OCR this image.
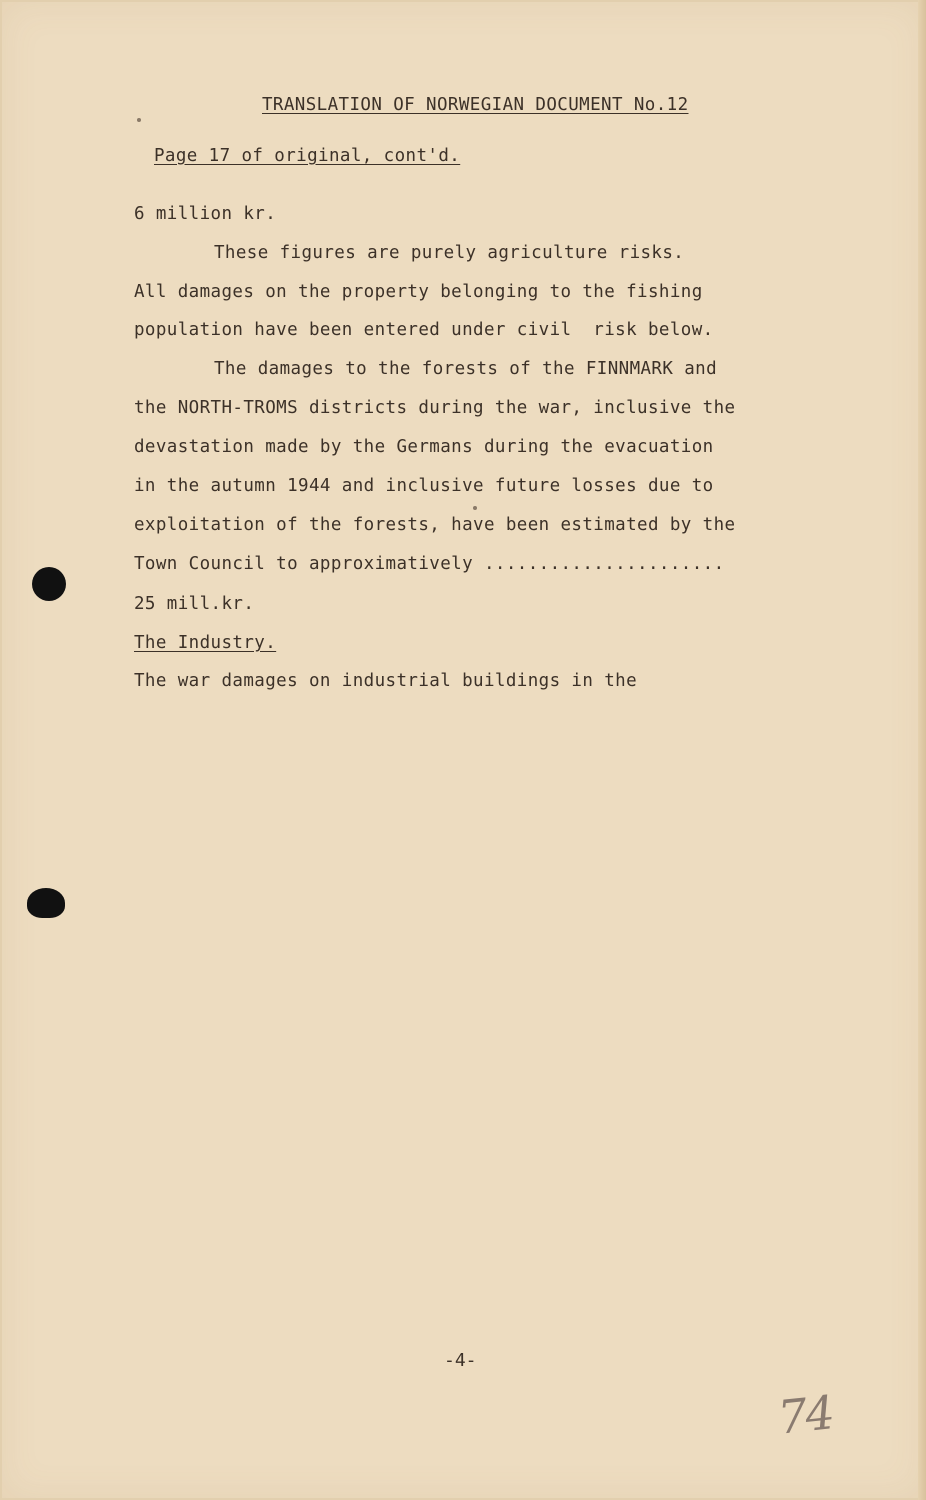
TRANSLATION OF NORWEGIAN DOCUMENT No.12
Page 17 of original, cont'd.
6 million kr.
These figures are purely agriculture risks.
All damages on the property belonging to the fishing
population have been entered under civil  risk below.
The damages to the forests of the FINNMARK and
the NORTH-TROMS districts during the war, inclusive the
devastation made by the Germans during the evacuation
in the autumn 1944 and inclusive future losses due to
exploitation of the forests, have been estimated by the
Town Council to approximatively ......................
25 mill.kr.
The Industry.
The war damages on industrial buildings in the
-4-
74
